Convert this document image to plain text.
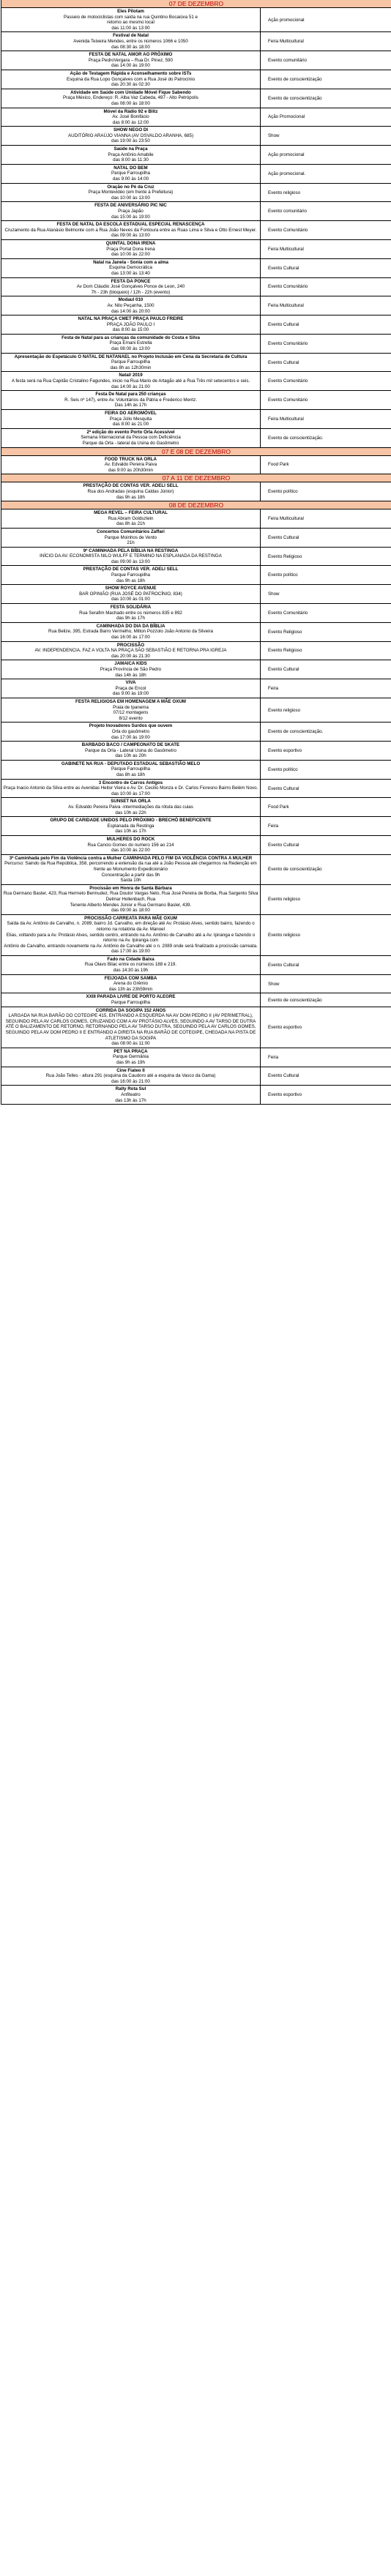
07 DE DEZEMBRO
Eles Pilotam
Passeio de motociclistas com saída na rua Quintino Bocaiúva 51 e
retorno ao mesmo local
das 11:00 às 13:00
Ação promocional
Festival de Natal
Avenida Teixeira Mendes, entre os números 1066 e 1050
das 08:30 às 18:00
Feira Multicultural
FESTA DE NATAL AMOR AO PRÓXIMO
Praça PedroVergara – Rua Dr. Pinez, 590
das 14:00 às 19:00
Evento comunitário
Ação de Testagem Rápida e Aconselhamento sobre ISTs
Esquina da Rua Lopo Gonçalves com a Rua José do Patrocínio
das 20:30 às 02:30
Evento de conscientização
Atividade em Saúde com Unidade Móvel Fique Sabendo
Praça México, Endereço: R. Alba Vaz Cabeda, 497 - Alto Petrópolis
das 08:00 às 18:00
Evento de conscientização
Móvel da Rádio 92 e Blitz
Av. José Bonifácio
das 8:00 às 12:00
Ação Promocional
SHOW NEGO DI
AUDITÓRIO ARAÚJO VIANNA (AV OSVALDO ARANHA, 685)
das 19:00 às 23:50
Show
Saúde na Praça
Praça Antônio Amabile
das 8:00 às 11:30
Ação promocional
NATAL DO BEM
Parque Farroupilha
das 9:00 às 14:00
Ação promocional.
Oração no Pé da Cruz
Praça Montevidéo (em frente à Prefeitura)
das 10:00 às 13:00
Evento religioso
FESTA DE ANIVERSÁRIO PIC NIC
Praça Japão
das 15:00 às 19:00
Evento comunitário
FESTA DE NATAL DA ESCOLA ESTADUAL ESPECIAL RENASCENÇA
Cruzamento da Rua Atanásio Belmonte com a Rua João Neves da Fontoura entre as Ruas Lima e Silva e Otto Ernest Meyer.
das 09:00 às 13:00
Evento Comunitário
QUINTAL DONA IRENA
Praça Portal Dona Irena
das 10:00 às 22:00
Feira Multicultural
Natal na Janela - Sonia com a alma
Esquina Democrática
das 13:00 às 13:40
Evento Cultural
FESTA DA PONCE
Av Dom Cláudio José Gonçalves Ponce de Leon, 240
7h - 23h (bloqueio) / 12h - 22h (evento)
Evento Comunitário
Modaul 010
Av. Nilo Peçanha, 1500
das 14:00 às 20:00
Feira Multicultural
NATAL NA PRAÇA CMET PRAÇA PAULO FREIRE
PRAÇA JOÃO PAULO I
das 8:00 às 15:00
Evento Cultural
Festa de Natal para as crianças da comunidade do Costa e Silva
Praça Ernani Estrella
das 08:00 às 13:00
Evento Comunitário
Apresentação do Espetáculo O NATAL DE NATANAEL no Projeto Inclusão em Cena da Secretaria de Cultura
Parque Farroupilha
das 8h as 12h30min
Evento Cultural
Natal/ 2019
A festa será na Rua Capitão Cristalino Fagundes, inicio na Rua Mario de Artagão até a Rua Três mil setecentos e seis.
das 14:00 às 21:00
Evento Comunitário
Festa De Natal para 250 crianças
R. Seis nº 147), entre Av. Voluntários da Pátria e Frederico Mentz.
Das 14h às 17h
Evento Comunitário
FEIRA DO AEROMÓVEL
Praça Júlio Mesquita
das 8:00 às 21:00
Feira Multicultural
2ª edição do evento Porto Orla Acessível
Semana Internacional da Pessoa com Deficiência
Parque da Orla - lateral da Usina do Gasômetro
Evento de conscientização.
07 E 08 DE DEZEMBRO
FOOD TRUCK NA ORLA
Av. Edvaldo Pereira Paiva
das 9:00 às 20h30min
Food Park
07 A 11 DE DEZEMBRO
PRESTAÇÃO DE CONTAS VER. ADELI SELL
Rua dos Andradas (esquina Caldas Júnior)
das 9h as 18h
Evento político
08 DE DEZEMBRO
MEGA REVEL – FEIRA CULTURAL
Rua Abram Goldsztein
das 8h às 21h
Feira Multicultural
Concertos Comunitários Zaffari
Parque Moinhos de Vento
21h
Evento Cultural
9ª CAMINHADA PELA BÍBLIA NA RESTINGA
INÍCIO DA AV. ECONOMISTA NILO WULFF E TERMINO NA ESPLANADA DA RESTINGA
das 09:00 às 13:00
Evento Religioso
PRESTAÇÃO DE CONTAS VER. ADELI SELL
Parque Farroupilha
das 9h as 18h
Evento político
SHOW ROYCE AVENUE
BAR OPINIÃO (RUA JOSÉ DO PATROCÍNIO, 834)
das 10:00 às 01:00
Show
FESTA SOLIDÁRIA
Rua Serafim Machado entre os números 835 e 892
das 9h às 17h
Evento Comunitário
CAMINHADA DO DIA DA BÍBLIA
Rua Belize, 395, Estrada Barro Vermelho, Milton Pozzolo João Antonio da Silveira
das 16:00 às 17:00
Evento Religioso
PROCISSÃO
AV. INDEPENDENCIA, FAZ A VOLTA NA PRAÇA SÃO SEBASTIÃO E RETORNA PRA IGREJA
das 20:00 às 21:30
Evento Religioso
JAMAICA KIDS
Praça Província de São Pedro
das 14h às 18h
Evento Cultural
VIVA
Praça de Encol
das 9:00 às 19:00
Feira
FESTA RELIGIOSA EM HOMENAGEM A MÃE OXUM
Praia de Ipanema
07/12 montagens
8/12 evento
Evento religioso
Projeto Inovadores Surdos que ouvem
Orla do gasômetro
das 17:00 às 19:00
Evento de conscientização.
BARBADO BACO / CAMPEONATO DE SKATE
Parque da Orla - Lateral Usina do Gasômetro
das 10h as 20h
Evento esportivo
GABINETE NA RUA - DEPUTADO ESTADUAL SEBASTIÃO MELO
Parque Farroupilha
das 8h as 18h
Evento político
3 Encontro de Carros Antigos
Praça Inacio Antonio da Silva entre as Avenidas Heitor Vieira e Av. Dr. Cecilio Monza e Dr. Carlos Fioresno Bairro Belém Novo.
das 10:00 às 17:00
Evento Cultural
SUNSET NA ORLA
Av. Edvaldo Pereira Paiva -intermediações da rótula das cuias
das 10h as 22h
Food Park
GRUPO DE CARIDADE UNIDOS PELO PRÓXIMO - BRECHÓ BENEFICENTE
Esplanada da Restinga
das 10h as 17h
Feira
MULHERES DO ROCK
Rua Cancio Gomes do numero 156 ao 214
das 10:00 às 22:00
Evento Cultural
3ª Caminhada pelo Fim da Violência contra a Mulher CAMINHADA PELO FIM DA VIOLÊNCIA CONTRA A MULHER
Percurso: Saindo da Rua República, 358, percorrendo a extensão da rua até a João Pessoa até chegarmos na Redenção em frente ao Monumento Expedicionário
Concentração a partir das 9h
Saída 10h
Evento de conscientização
Procissão em Honra de Santa Bárbara
Rua Germano Baster, 423; Rua Hermeto Bermudez, Rua Doutor Vargas Neto, Rua José Pereira de Borba, Rua Sargento Silva Delmar Hollenbach, Rua
Tenente Alberto Mendes Júnior e Rua Germano Basler, 439.
das 09:00 às 18:00
Evento religioso
PROCISSÃO CARREATA PARA MÃE OXUM
Saída da Av. Antônio de Carvalho, n. 2089, bairro Jd. Carvalho, em direção até Av. Protásio Alves, sentido bairro, fazendo o retorno na rotatória da Av. Manoel
Elias, voltando para a Av. Protásio Alves, sentido centro, entrando na Av. Antônio de Carvalho até a Av. Ipiranga e fazendo o retorno na Av. Ipiranga com
Antônio de Carvalho, entrando novamente na Av. Antônio de Carvalho até o n. 2089 onde será finalizado a procissão carreata.
das 17:00 às 19:00
Evento religioso
Fado na Cidade Baixa
Rua Olavo Bilac entre os números 188 e 219.
das 14:30 às 19h
Evento Cultural
FEIJOADA COM SAMBA
Arena do Grêmio
das 13h às 23h59min
Show
XXIII PARADA LIVRE DE PORTO ALEGRE
Parque Farroupilha	Evento de conscientização
CORRIDA DA SOGIPA 152 ANOS
LARGADA NA RUA BARÃO DO COTEGIPE 415, ENTRANDO A ESQUERDA NA AV DOM PEDRO II (AV PERIMETRAL), SEGUINDO PELA AV CARLOS GOMES, CRUZANDO COM A AV PROTÁSIO ALVES, SEGUINDO A AV TARSO DE DUTRA ATÉ O BALIZAMENTO DE RETORNO, RETORNANDO PELA AV TARSO DUTRA, SEGUINDO PELA AV CARLOS GOMES, SEGUINDO PELA AV DOM PEDRO II E ENTRANDO A DIREITA NA RUA BARÃO DE COTEGIPE, CHEGADA NA PISTA DE ATLETISMO DA SOGIPA
das 08:00 às 11:00
Evento esportivo
PET NA PRAÇA
Parque Germânia
das 9h as 19h
Feira
Cine Fiateo II
Rua João Telles - altura 291 (esquina da Caudoro até a esquina da Vasco da Gama)
das 16:00 às 21:00
Evento Cultural
Rally Rota Sul
Anfiteatro
das 13h às 17h
Evento esportivo
